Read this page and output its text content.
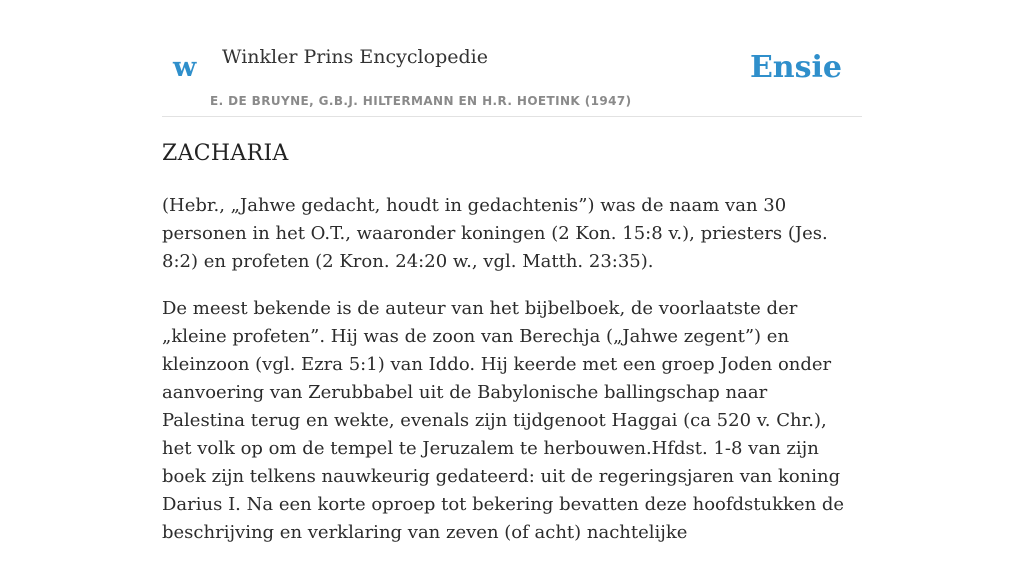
w Winkler Prins Encyclopedie
E. DE BRUYNE, G.B.J. HILTERMANN EN H.R. HOETINK (1947)
Ensie
ZACHARIA

(Hebr., „Jahwe gedacht, houdt in gedachtenis”) was de naam van 30 personen in het O.T., waaronder koningen (2 Kon. 15:8 v.), priesters (Jes. 8:2) en profeten (2 Kron. 24:20 w., vgl. Matth. 23:35).

De meest bekende is de auteur van het bijbelboek, de voorlaatste der „kleine profeten”. Hij was de zoon van Berechja („Jahwe zegent”) en kleinzoon (vgl. Ezra 5:1) van Iddo. Hij keerde met een groep Joden onder aanvoering van Zerubbabel uit de Babylonische ballingschap naar Palestina terug en wekte, evenals zijn tijdgenoot Haggai (ca 520 v. Chr.), het volk op om de tempel te Jeruzalem te herbouwen.Hfdst. 1-8 van zijn boek zijn telkens nauwkeurig gedateerd: uit de regeringsjaren van koning Darius I. Na een korte oproep tot bekering bevatten deze hoofdstukken de beschrijving en verklaring van zeven (of acht) nachtelijke
